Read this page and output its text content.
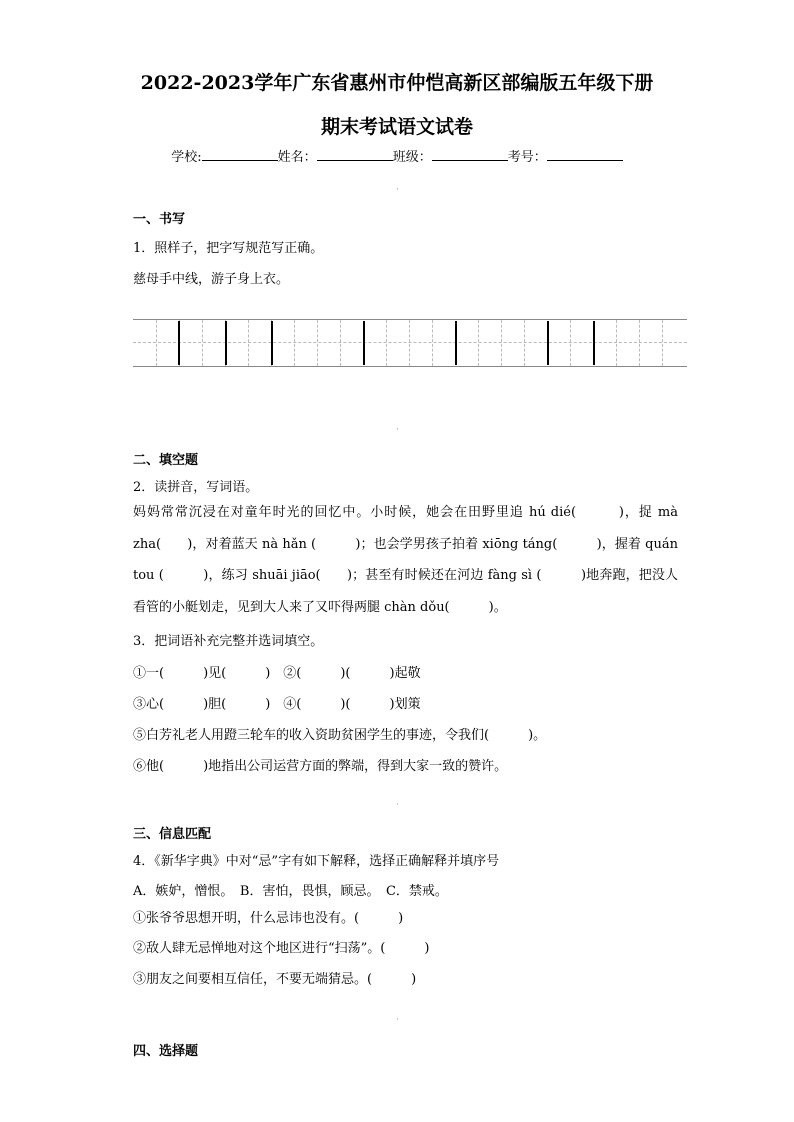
2022-2023学年广东省惠州市仲恺高新区部编版五年级下册
期末考试语文试卷
学校:	姓名：	班级：	考号：
·
一、书写
1．照样子，把字写规范写正确。
慈母手中线，游子身上衣。
·
二、填空题
2．读拼音，写词语。
妈妈常常沉浸在对童年时光的回忆中。小时候，她会在田野里追 hú dié(　　　)，捉 mà zha(　　)，对着蓝天 nà hǎn (　　　)；也会学男孩子拍着 xiōng táng(　　　)，握着 quán tou (　　　)，练习 shuāi jiāo(　　)；甚至有时候还在河边 fàng sì (　　　)地奔跑，把没人看管的小艇划走，见到大人来了又吓得两腿 chàn dǒu(　　　)。
3．把词语补充完整并选词填空。
①一(　　　)见(　　　)　②(　　　)(　　　)起敬
③心(　　　)胆(　　　)　④(　　　)(　　　)划策
⑤白芳礼老人用蹬三轮车的收入资助贫困学生的事迹，令我们(　　　)。
⑥他(　　　)地指出公司运营方面的弊端，得到大家一致的赞许。
·
三、信息匹配
4．《新华字典》中对“忌”字有如下解释，选择正确解释并填序号
A．嫉妒，憎恨。　B．害怕，畏惧，顾忌。　C．禁戒。
①张爷爷思想开明，什么忌讳也没有。(　　　)
②敌人肆无忌惮地对这个地区进行“扫荡”。(　　　)
③朋友之间要相互信任，不要无端猜忌。(　　　)
·
四、选择题
